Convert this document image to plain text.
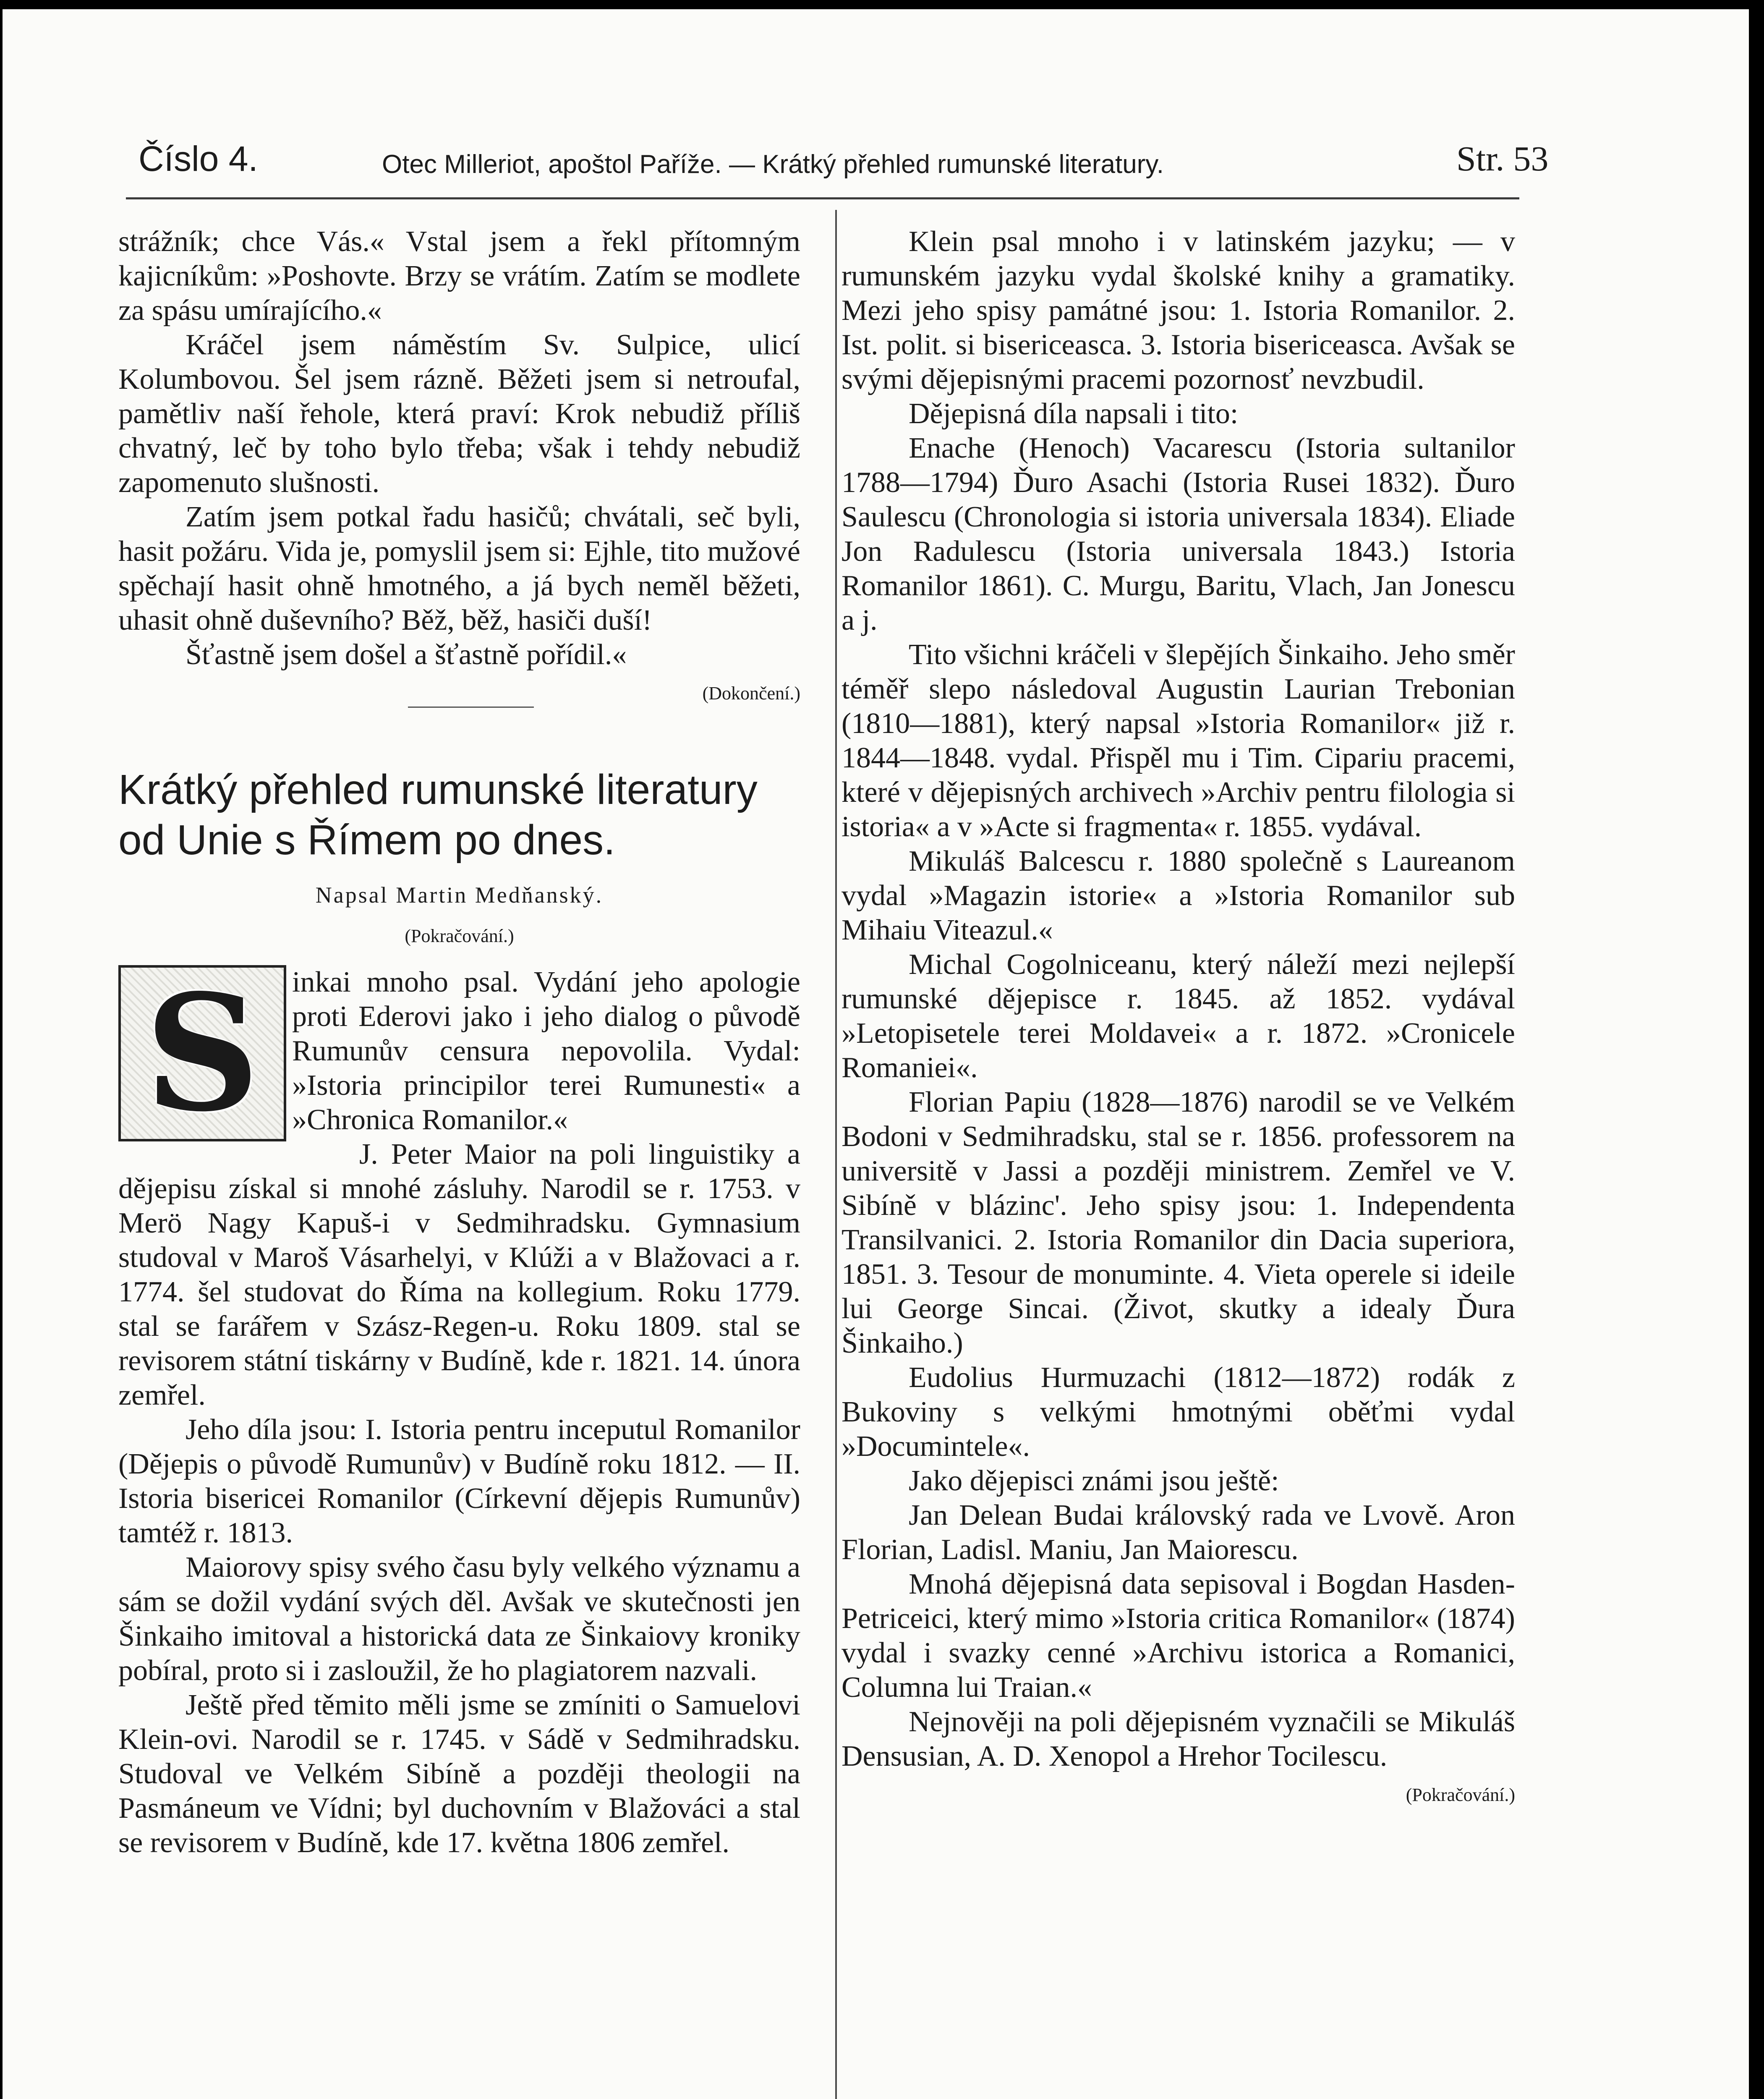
Číslo 4.	Otec Milleriot, apoštol Paříže. — Krátký přehled rumunské literatury.	Str. 53

strážník; chce Vás.« Vstal jsem a řekl přítomným kajicníkům: »Poshovte. Brzy se vrátím. Zatím se modlete za spásu umírajícího.«

Kráčel jsem náměstím Sv. Sulpice, ulicí Kolumbovou. Šel jsem rázně. Běžeti jsem si netroufal, pamětliv naší řehole, která praví: Krok nebudiž příliš chvatný, leč by toho bylo třeba; však i tehdy nebudiž zapomenuto slušnosti.

Zatím jsem potkal řadu hasičů; chvátali, seč byli, hasit požáru. Vida je, pomyslil jsem si: Ejhle, tito mužové spěchají hasit ohně hmotného, a já bych neměl běžeti, uhasit ohně duševního? Běž, běž, hasiči duší!

Šťastně jsem došel a šťastně pořídil.«

(Dokončení.)
Krátký přehled rumunské literatury od Unie s Římem po dnes.
Napsal Martin Medňanský.
(Pokračování.)
S	inkai mnoho psal. Vydání jeho apologie proti Ederovi jako i jeho dialog o původě Rumunův censura nepovolila. Vydal: »Istoria principilor terei Rumunesti« a »Chronica Romanilor.«

J. Peter Maior na poli linguistiky a dějepisu získal si mnohé zásluhy. Narodil se r. 1753. v Merö Nagy Kapuš-i v Sedmihradsku. Gymnasium studoval v Maroš Vásarhelyi, v Klúži a v Blažovaci a r. 1774. šel studovat do Říma na kollegium. Roku 1779. stal se farářem v Szász-Regen-u. Roku 1809. stal se revisorem státní tiskárny v Budíně, kde r. 1821. 14. února zemřel.

Jeho díla jsou: I. Istoria pentru inceputul Romanilor (Dějepis o původě Rumunův) v Budíně roku 1812. — II. Istoria bisericei Romanilor (Církevní dějepis Rumunův) tamtéž r. 1813.

Maiorovy spisy svého času byly velkého významu a sám se dožil vydání svých děl. Avšak ve skutečnosti jen Šinkaiho imitoval a historická data ze Šinkaiovy kroniky pobíral, proto si i zasloužil, že ho plagiatorem nazvali.

Ještě před těmito měli jsme se zmíniti o Samuelovi Klein-ovi. Narodil se r. 1745. v Sádě v Sedmihradsku. Studoval ve Velkém Sibíně a později theologii na Pasmáneum ve Vídni; byl duchovním v Blažováci a stal se revisorem v Budíně, kde 17. května 1806 zemřel.

Klein psal mnoho i v latinském jazyku; — v rumunském jazyku vydal školské knihy a gramatiky. Mezi jeho spisy památné jsou: 1. Istoria Romanilor. 2. Ist. polit. si bisericeasca. 3. Istoria bisericeasca. Avšak se svými dějepisnými pracemi pozornosť nevzbudil.

Dějepisná díla napsali i tito:

Enache (Henoch) Vacarescu (Istoria sultanilor 1788—1794) Ďuro Asachi (Istoria Rusei 1832). Ďuro Saulescu (Chronologia si istoria universala 1834). Eliade Jon Radulescu (Istoria universala 1843.) Istoria Romanilor 1861). C. Murgu, Baritu, Vlach, Jan Jonescu a j.

Tito všichni kráčeli v šlepějích Šinkaiho. Jeho směr téměř slepo následoval Augustin Laurian Trebonian (1810—1881), který napsal »Istoria Romanilor« již r. 1844—1848. vydal. Přispěl mu i Tim. Cipariu pracemi, které v dějepisných archivech »Archiv pentru filologia si istoria« a v »Acte si fragmenta« r. 1855. vydával.

Mikuláš Balcescu r. 1880 společně s Laureanom vydal »Magazin istorie« a »Istoria Romanilor sub Mihaiu Viteazul.«

Michal Cogolniceanu, který náleží mezi nejlepší rumunské dějepisce r. 1845. až 1852. vydával »Letopisetele terei Moldavei« a r. 1872. »Cronicele Romaniei«.

Florian Papiu (1828—1876) narodil se ve Velkém Bodoni v Sedmihradsku, stal se r. 1856. professorem na universitě v Jassi a později ministrem. Zemřel ve V. Sibíně v blázinc'. Jeho spisy jsou: 1. Independenta Transilvanici. 2. Istoria Romanilor din Dacia superiora, 1851. 3. Tesour de monuminte. 4. Vieta operele si ideile lui George Sincai. (Život, skutky a idealy Ďura Šinkaiho.)

Eudolius Hurmuzachi (1812—1872) rodák z Bukoviny s velkými hmotnými oběťmi vydal »Documintele«.

Jako dějepisci známi jsou ještě:

Jan Delean Budai královský rada ve Lvově. Aron Florian, Ladisl. Maniu, Jan Maiorescu.

Mnohá dějepisná data sepisoval i Bogdan Hasden-Petriceici, který mimo »Istoria critica Romanilor« (1874) vydal i svazky cenné »Archivu istorica a Romanici, Columna lui Traian.«

Nejnověji na poli dějepisném vyznačili se Mikuláš Densusian, A. D. Xenopol a Hrehor Tocilescu.

(Pokračování.)
